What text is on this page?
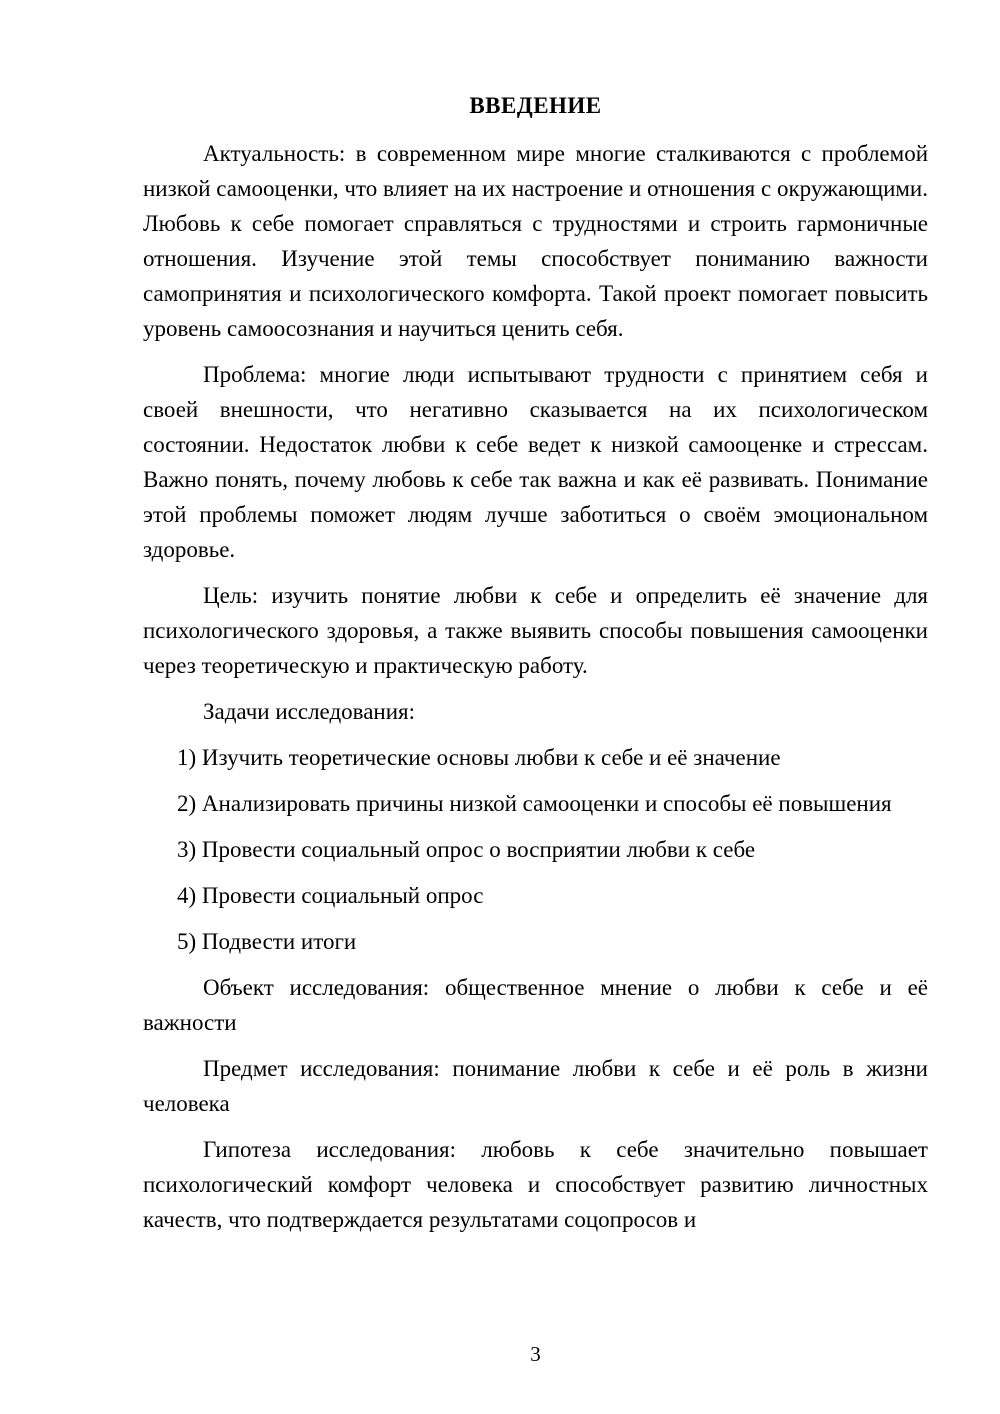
ВВЕДЕНИЕ

Актуальность: в современном мире многие сталкиваются с проблемой низкой самооценки, что влияет на их настроение и отношения с окружающими. Любовь к себе помогает справляться с трудностями и строить гармоничные отношения. Изучение этой темы способствует пониманию важности самопринятия и психологического комфорта. Такой проект помогает повысить уровень самоосознания и научиться ценить себя.

Проблема: многие люди испытывают трудности с принятием себя и своей внешности, что негативно сказывается на их психологическом состоянии. Недостаток любви к себе ведет к низкой самооценке и стрессам. Важно понять, почему любовь к себе так важна и как её развивать. Понимание этой проблемы поможет людям лучше заботиться о своём эмоциональном здоровье.

Цель: изучить понятие любви к себе и определить её значение для психологического здоровья, а также выявить способы повышения самооценки через теоретическую и практическую работу.

Задачи исследования:

1) Изучить теоретические основы любви к себе и её значение

2) Анализировать причины низкой самооценки и способы её повышения

3) Провести социальный опрос о восприятии любви к себе

4) Провести социальный опрос

5) Подвести итоги

Объект исследования: общественное мнение о любви к себе и её важности

Предмет исследования: понимание любви к себе и её роль в жизни человека

Гипотеза исследования: любовь к себе значительно повышает психологический комфорт человека и способствует развитию личностных качеств, что подтверждается результатами соцопросов и

3
